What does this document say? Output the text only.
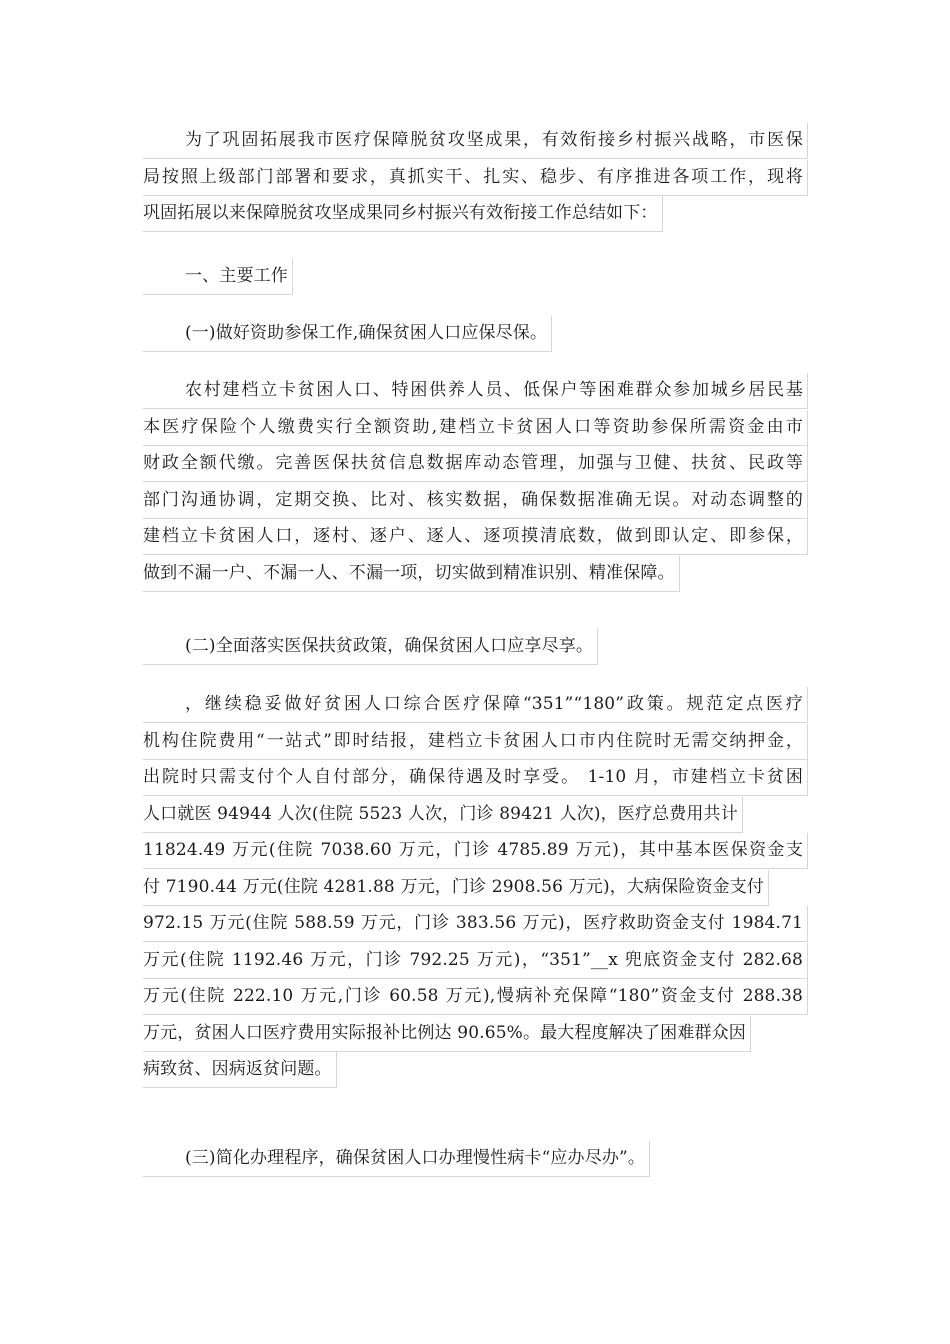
为了巩固拓展我市医疗保障脱贫攻坚成果，有效衔接乡村振兴战略，市医保
局按照上级部门部署和要求，真抓实干、扎实、稳步、有序推进各项工作，现将
巩固拓展以来保障脱贫攻坚成果同乡村振兴有效衔接工作总结如下：
一、主要工作
(一)做好资助参保工作,确保贫困人口应保尽保。
农村建档立卡贫困人口、特困供养人员、低保户等困难群众参加城乡居民基
本医疗保险个人缴费实行全额资助,建档立卡贫困人口等资助参保所需资金由市
财政全额代缴。完善医保扶贫信息数据库动态管理，加强与卫健、扶贫、民政等
部门沟通协调，定期交换、比对、核实数据，确保数据准确无误。对动态调整的
建档立卡贫困人口，逐村、逐户、逐人、逐项摸清底数，做到即认定、即参保，
做到不漏一户、不漏一人、不漏一项，切实做到精准识别、精准保障。
(二)全面落实医保扶贫政策，确保贫困人口应享尽享。
，继续稳妥做好贫困人口综合医疗保障“351”“180”政策。规范定点医疗
机构住院费用“一站式”即时结报，建档立卡贫困人口市内住院时无需交纳押金，
出院时只需支付个人自付部分，确保待遇及时享受。 1-10 月，市建档立卡贫困
人口就医 94944 人次(住院 5523 人次，门诊 89421 人次)，医疗总费用共计
11824.49 万元(住院 7038.60 万元，门诊 4785.89 万元)，其中基本医保资金支
付 7190.44 万元(住院 4281.88 万元，门诊 2908.56 万元)，大病保险资金支付
972.15 万元(住院 588.59 万元，门诊 383.56 万元)，医疗救助资金支付 1984.71
万元(住院 1192.46 万元，门诊 792.25 万元)，“351”__x 兜底资金支付 282.68
万元(住院 222.10 万元,门诊 60.58 万元),慢病补充保障“180”资金支付 288.38
万元，贫困人口医疗费用实际报补比例达 90.65%。最大程度解决了困难群众因
病致贫、因病返贫问题。
(三)简化办理程序，确保贫困人口办理慢性病卡“应办尽办”。
